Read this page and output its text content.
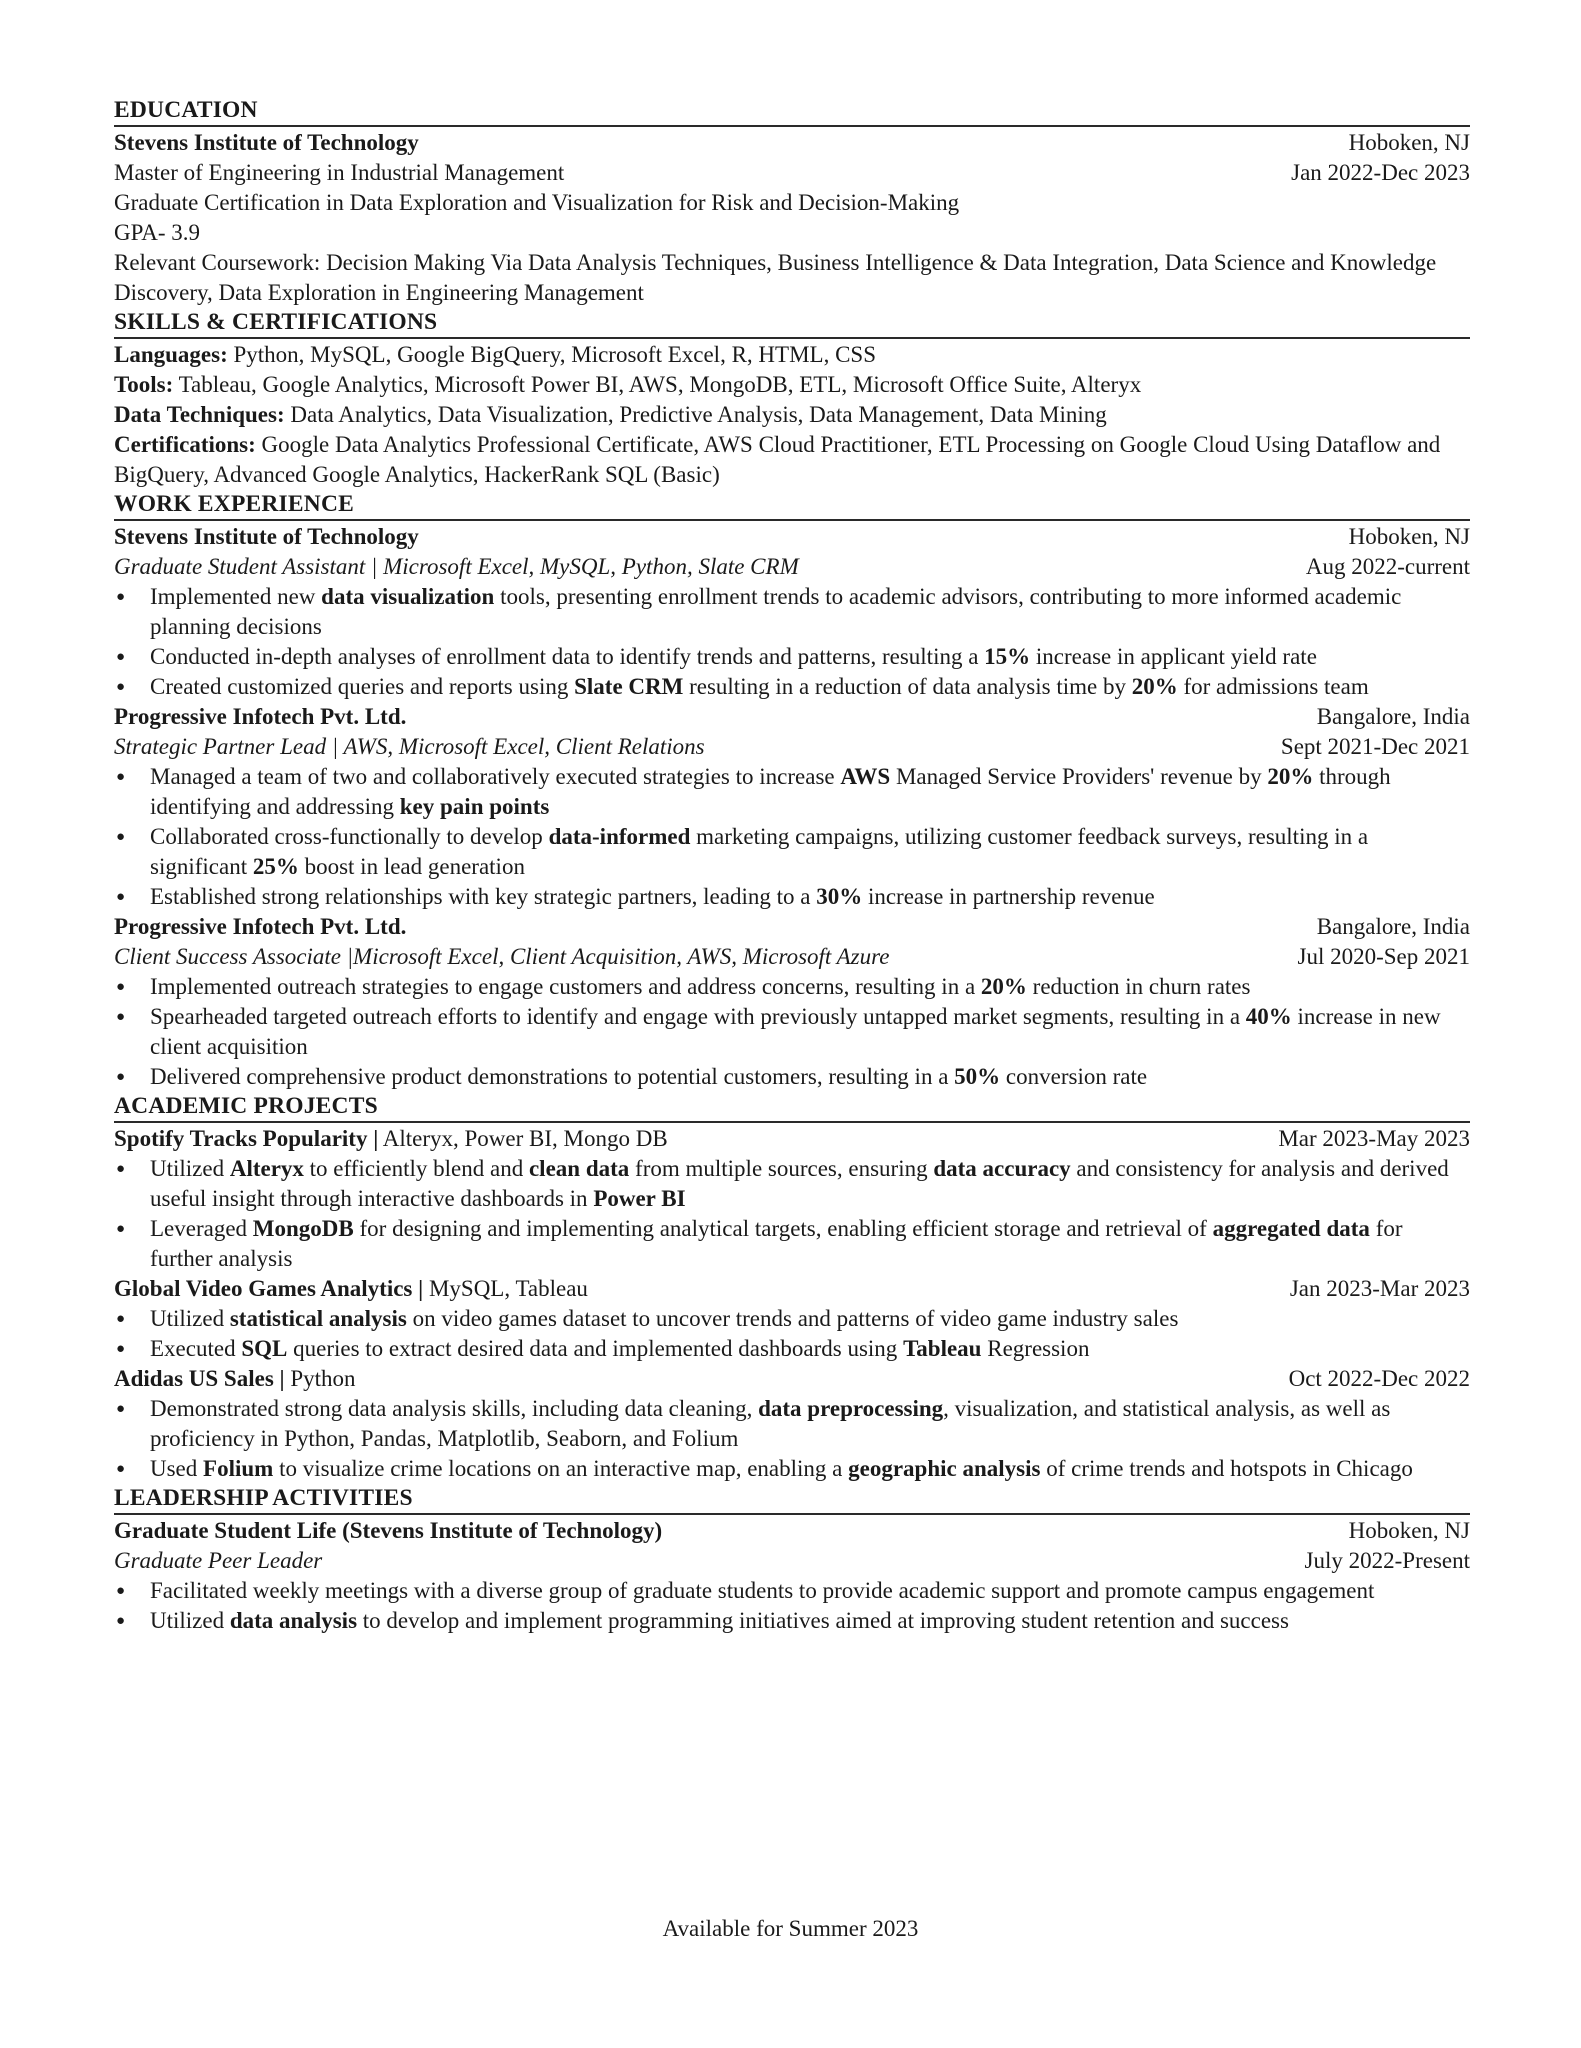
EDUCATION
Stevens Institute of Technology	Hoboken, NJ
Master of Engineering in Industrial Management	Jan 2022-Dec 2023
Graduate Certification in Data Exploration and Visualization for Risk and Decision-Making
GPA- 3.9
Relevant Coursework: Decision Making Via Data Analysis Techniques, Business Intelligence & Data Integration, Data Science and Knowledge Discovery, Data Exploration in Engineering Management
SKILLS & CERTIFICATIONS
Languages: Python, MySQL, Google BigQuery, Microsoft Excel, R, HTML, CSS
Tools: Tableau, Google Analytics, Microsoft Power BI, AWS, MongoDB, ETL, Microsoft Office Suite, Alteryx
Data Techniques: Data Analytics, Data Visualization, Predictive Analysis, Data Management, Data Mining
Certifications: Google Data Analytics Professional Certificate, AWS Cloud Practitioner, ETL Processing on Google Cloud Using Dataflow and BigQuery, Advanced Google Analytics, HackerRank SQL (Basic)
WORK EXPERIENCE
Stevens Institute of Technology	Hoboken, NJ
Graduate Student Assistant | Microsoft Excel, MySQL, Python, Slate CRM	Aug 2022-current
● Implemented new data visualization tools, presenting enrollment trends to academic advisors, contributing to more informed academic planning decisions
● Conducted in-depth analyses of enrollment data to identify trends and patterns, resulting a 15% increase in applicant yield rate
● Created customized queries and reports using Slate CRM resulting in a reduction of data analysis time by 20% for admissions team
Progressive Infotech Pvt. Ltd.	Bangalore, India
Strategic Partner Lead | AWS, Microsoft Excel, Client Relations	Sept 2021-Dec 2021
● Managed a team of two and collaboratively executed strategies to increase AWS Managed Service Providers' revenue by 20% through identifying and addressing key pain points
● Collaborated cross-functionally to develop data-informed marketing campaigns, utilizing customer feedback surveys, resulting in a significant 25% boost in lead generation
● Established strong relationships with key strategic partners, leading to a 30% increase in partnership revenue
Progressive Infotech Pvt. Ltd.	Bangalore, India
Client Success Associate |Microsoft Excel, Client Acquisition, AWS, Microsoft Azure	Jul 2020-Sep 2021
● Implemented outreach strategies to engage customers and address concerns, resulting in a 20% reduction in churn rates
● Spearheaded targeted outreach efforts to identify and engage with previously untapped market segments, resulting in a 40% increase in new client acquisition
● Delivered comprehensive product demonstrations to potential customers, resulting in a 50% conversion rate
ACADEMIC PROJECTS
Spotify Tracks Popularity | Alteryx, Power BI, Mongo DB	Mar 2023-May 2023
● Utilized Alteryx to efficiently blend and clean data from multiple sources, ensuring data accuracy and consistency for analysis and derived useful insight through interactive dashboards in Power BI
● Leveraged MongoDB for designing and implementing analytical targets, enabling efficient storage and retrieval of aggregated data for further analysis
Global Video Games Analytics | MySQL, Tableau	Jan 2023-Mar 2023
● Utilized statistical analysis on video games dataset to uncover trends and patterns of video game industry sales
● Executed SQL queries to extract desired data and implemented dashboards using Tableau Regression
Adidas US Sales | Python	Oct 2022-Dec 2022
● Demonstrated strong data analysis skills, including data cleaning, data preprocessing, visualization, and statistical analysis, as well as proficiency in Python, Pandas, Matplotlib, Seaborn, and Folium
● Used Folium to visualize crime locations on an interactive map, enabling a geographic analysis of crime trends and hotspots in Chicago
LEADERSHIP ACTIVITIES
Graduate Student Life (Stevens Institute of Technology)	Hoboken, NJ
Graduate Peer Leader	July 2022-Present
● Facilitated weekly meetings with a diverse group of graduate students to provide academic support and promote campus engagement
● Utilized data analysis to develop and implement programming initiatives aimed at improving student retention and success
Available for Summer 2023
